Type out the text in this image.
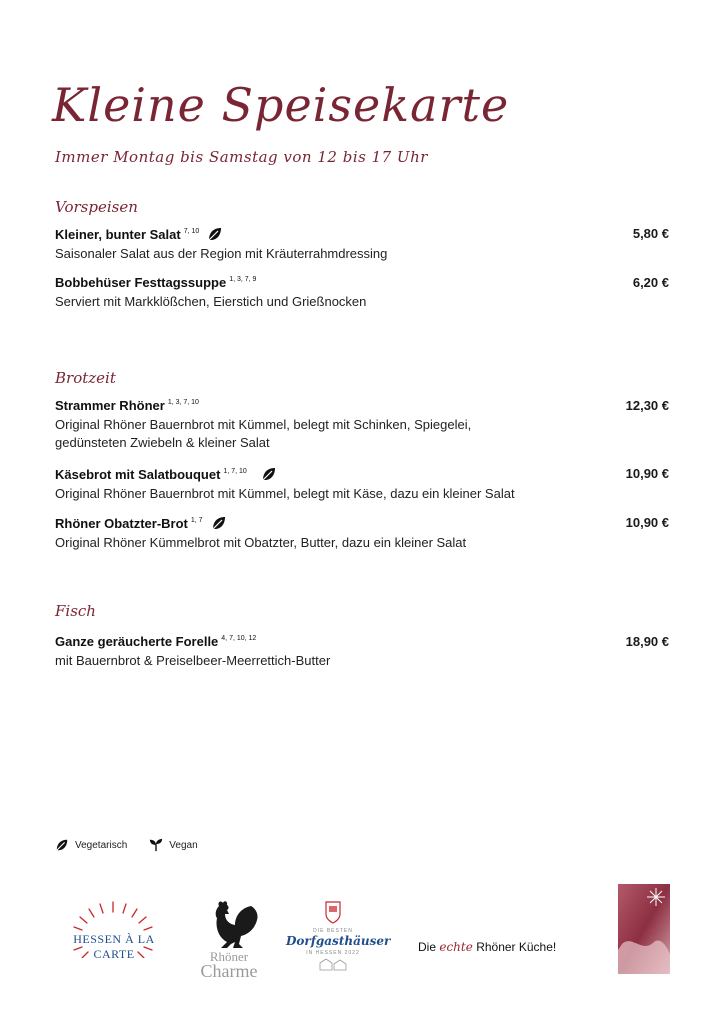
Kleine Speisekarte
Immer Montag bis Samstag von 12 bis 17 Uhr
Vorspeisen
Kleiner, bunter Salat 7, 10	5,80 €
Saisonaler Salat aus der Region mit Kräuterrahmdressing
Bobbehüser Festtagssuppe 1, 3, 7, 9	6,20 €
Serviert mit Markklößchen, Eierstich und Grießnocken
Brotzeit
Strammer Rhöner 1, 3, 7, 10	12,30 €
Original Rhöner Bauernbrot mit Kümmel, belegt mit Schinken, Spiegelei, gedünsteten Zwiebeln & kleiner Salat
Käsebrot mit Salatbouquet 1, 7, 10	10,90 €
Original Rhöner Bauernbrot mit Kümmel, belegt mit Käse, dazu ein kleiner Salat
Rhöner Obatzter-Brot 1, 7	10,90 €
Original Rhöner Kümmelbrot mit Obatzter, Butter, dazu ein kleiner Salat
Fisch
Ganze geräucherte Forelle 4, 7, 10, 12	18,90 €
mit Bauernbrot & Preiselbeer-Meerrettich-Butter
Vegetarisch	Vegan
HESSEN À LA CARTE	Rhöner
Charme
DIE BESTEN
Dorfgasthäuser
IN HESSEN 2022	Die echte Rhöner Küche!
